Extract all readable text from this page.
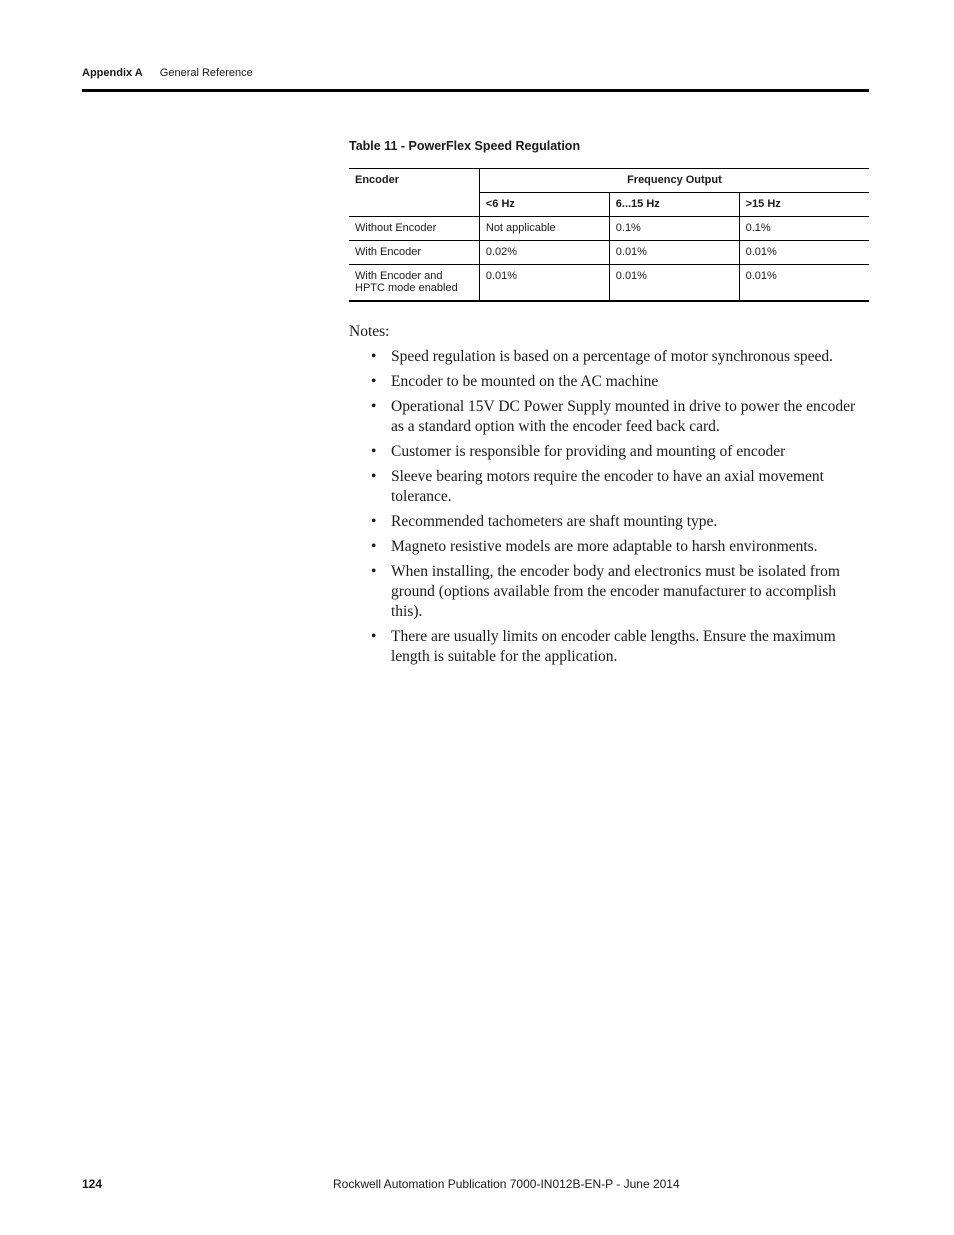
Appendix A General Reference
Table 11 - PowerFlex Speed Regulation
Encoder	Frequency Output		
	<6 Hz	6...15 Hz	>15 Hz
Without Encoder	Not applicable	0.1%	0.1%
With Encoder	0.02%	0.01%	0.01%
With Encoder and HPTC mode enabled	0.01%	0.01%	0.01%
Notes:
• Speed regulation is based on a percentage of motor synchronous speed.
• Encoder to be mounted on the AC machine
• Operational 15V DC Power Supply mounted in drive to power the encoder as a standard option with the encoder feed back card.
• Customer is responsible for providing and mounting of encoder
• Sleeve bearing motors require the encoder to have an axial movement tolerance.
• Recommended tachometers are shaft mounting type.
• Magneto resistive models are more adaptable to harsh environments.
• When installing, the encoder body and electronics must be isolated from ground (options available from the encoder manufacturer to accomplish this).
• There are usually limits on encoder cable lengths. Ensure the maximum length is suitable for the application.
124	Rockwell Automation Publication 7000-IN012B-EN-P - June 2014
